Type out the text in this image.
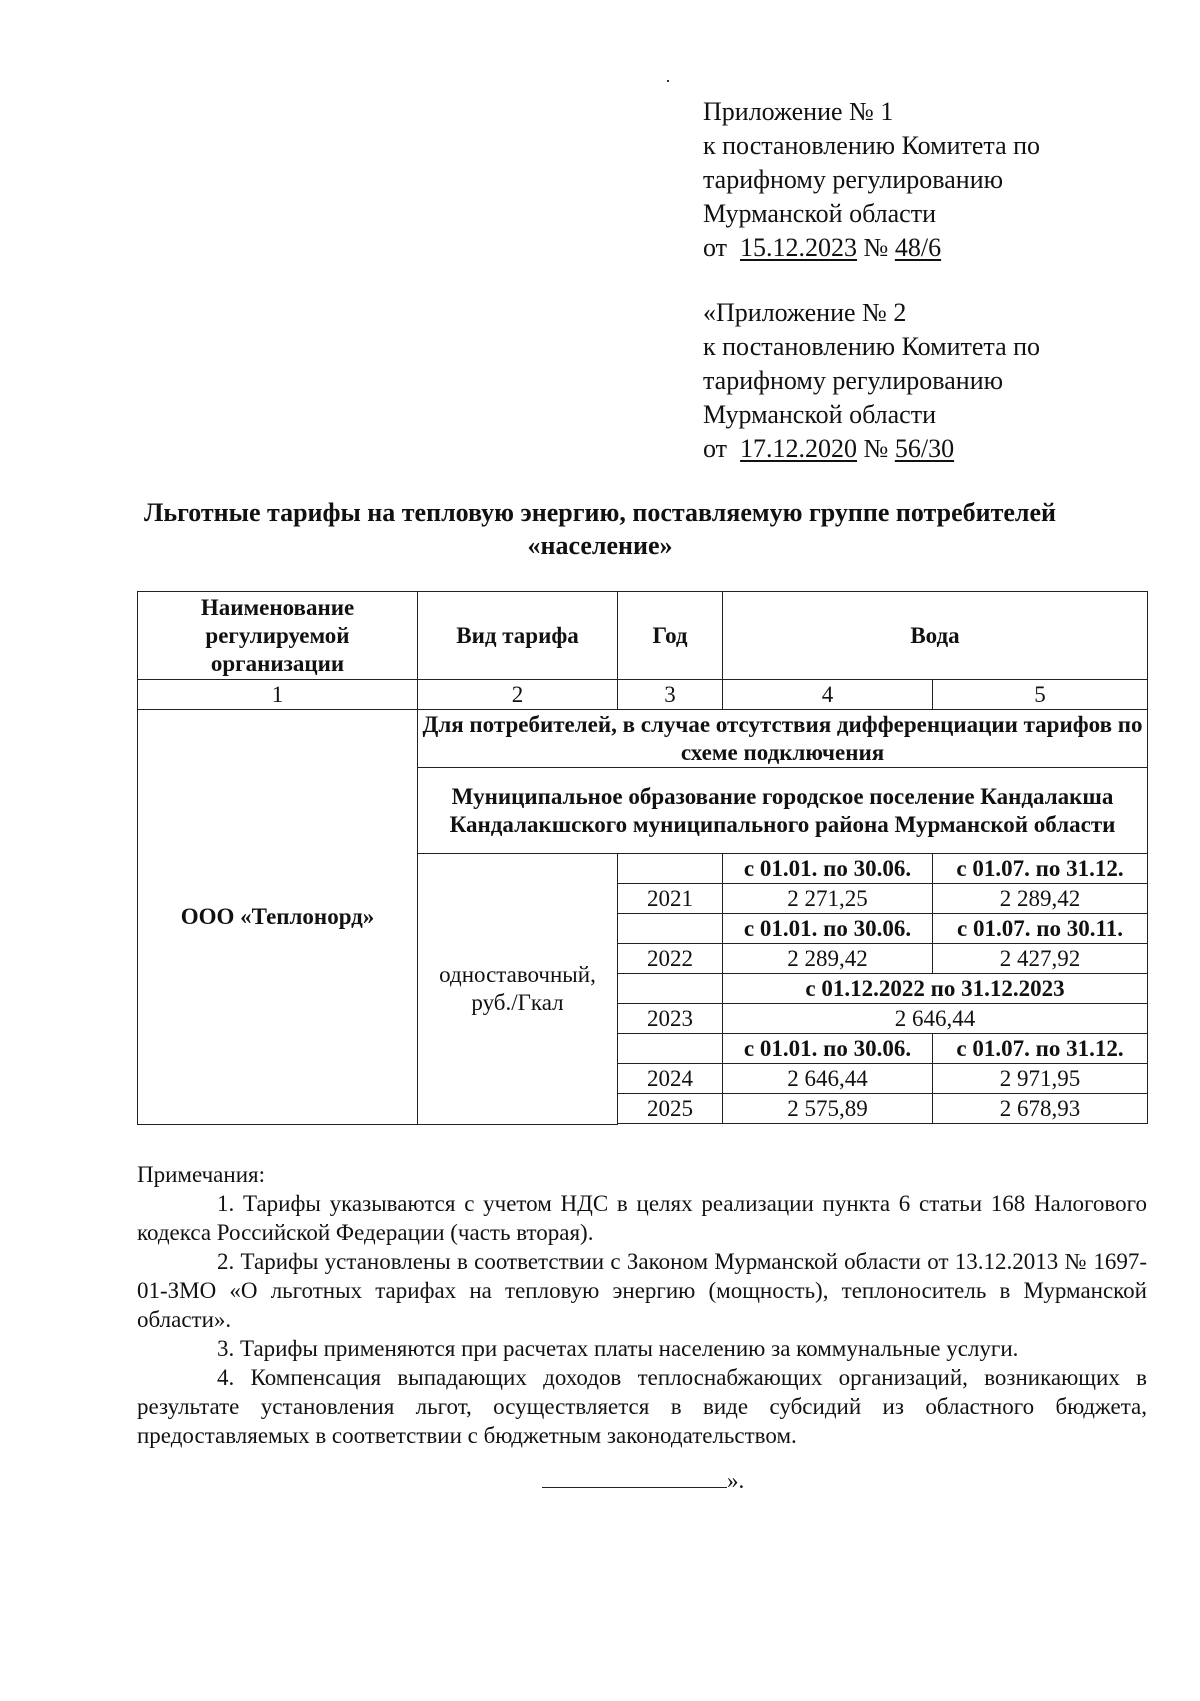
Приложение № 1
к постановлению Комитета по
тарифному регулированию
Мурманской области
от 15.12.2023 № 48/6
«Приложение № 2
к постановлению Комитета по
тарифному регулированию
Мурманской области
от 17.12.2020 № 56/30
Льготные тарифы на тепловую энергию, поставляемую группе потребителей «население»
Наименование регулируемой организации	Вид тарифа	Год	Вода	
1	2	3	4	5
ООО «Теплонорд»	Для потребителей, в случае отсутствия дифференциации тарифов по схеме подключения			
	Муниципальное образование городское поселение Кандалакша Кандалакшского муниципального района Мурманской области			
	одноставочный, руб./Гкал		с 01.01. по 30.06.	с 01.07. по 31.12.
		2021	2 271,25	2 289,42
			с 01.01. по 30.06.	с 01.07. по 30.11.
		2022	2 289,42	2 427,92
			с 01.12.2022 по 31.12.2023	
		2023	2 646,44	
			с 01.01. по 30.06.	с 01.07. по 31.12.
		2024	2 646,44	2 971,95
		2025	2 575,89	2 678,93

Примечания:

1. Тарифы указываются с учетом НДС в целях реализации пункта 6 статьи 168 Налогового кодекса Российской Федерации (часть вторая).

2. Тарифы установлены в соответствии с Законом Мурманской области от 13.12.2013 № 1697-01-ЗМО «О льготных тарифах на тепловую энергию (мощность), теплоноситель в Мурманской области».

3. Тарифы применяются при расчетах платы населению за коммунальные услуги.

4. Компенсация выпадающих доходов теплоснабжающих организаций, возникающих в результате установления льгот, осуществляется в виде субсидий из областного бюджета, предоставляемых в соответствии с бюджетным законодательством.

».
